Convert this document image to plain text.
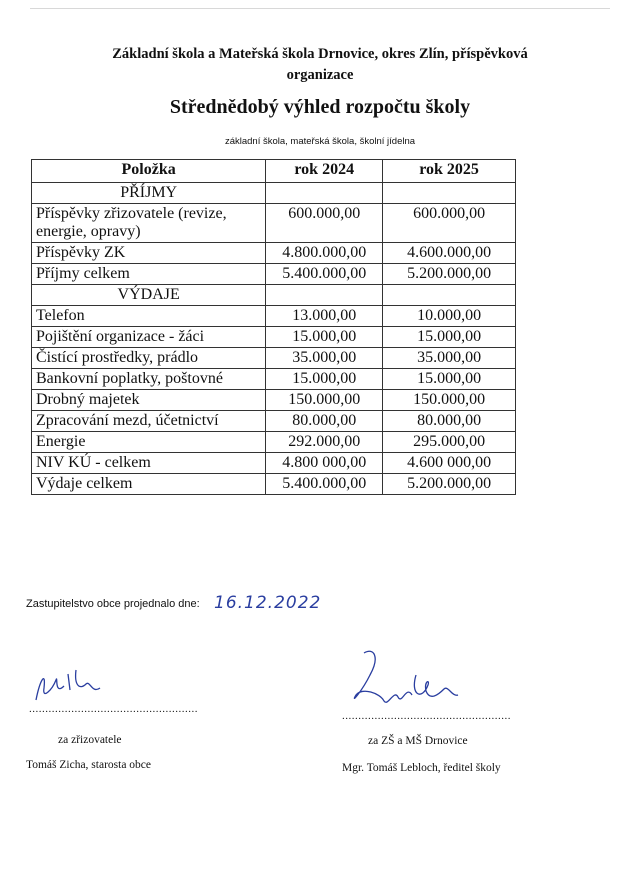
Základní škola a Mateřská škola Drnovice, okres Zlín, příspěvková
organizace
Střednědobý výhled rozpočtu školy
základní škola, mateřská škola, školní jídelna
Položka	rok 2024	rok 2025
PŘÍJMY		
Příspěvky zřizovatele (revize, energie, opravy)	600.000,00	600.000,00
Příspěvky ZK	4.800.000,00	4.600.000,00
Příjmy celkem	5.400.000,00	5.200.000,00
VÝDAJE		
Telefon	13.000,00	10.000,00
Pojištění organizace - žáci	15.000,00	15.000,00
Čistící prostředky, prádlo	35.000,00	35.000,00
Bankovní poplatky, poštovné	15.000,00	15.000,00
Drobný majetek	150.000,00	150.000,00
Zpracování mezd, účetnictví	80.000,00	80.000,00
Energie	292.000,00	295.000,00
NIV KÚ - celkem	4.800 000,00	4.600 000,00
Výdaje celkem	5.400.000,00	5.200.000,00
Zastupitelstvo obce projednalo dne: 16.12.2022
....................................................
za zřizovatele
Tomáš Zicha, starosta obce
....................................................
za ZŠ a MŠ Drnovice
Mgr. Tomáš Lebloch, ředitel školy
